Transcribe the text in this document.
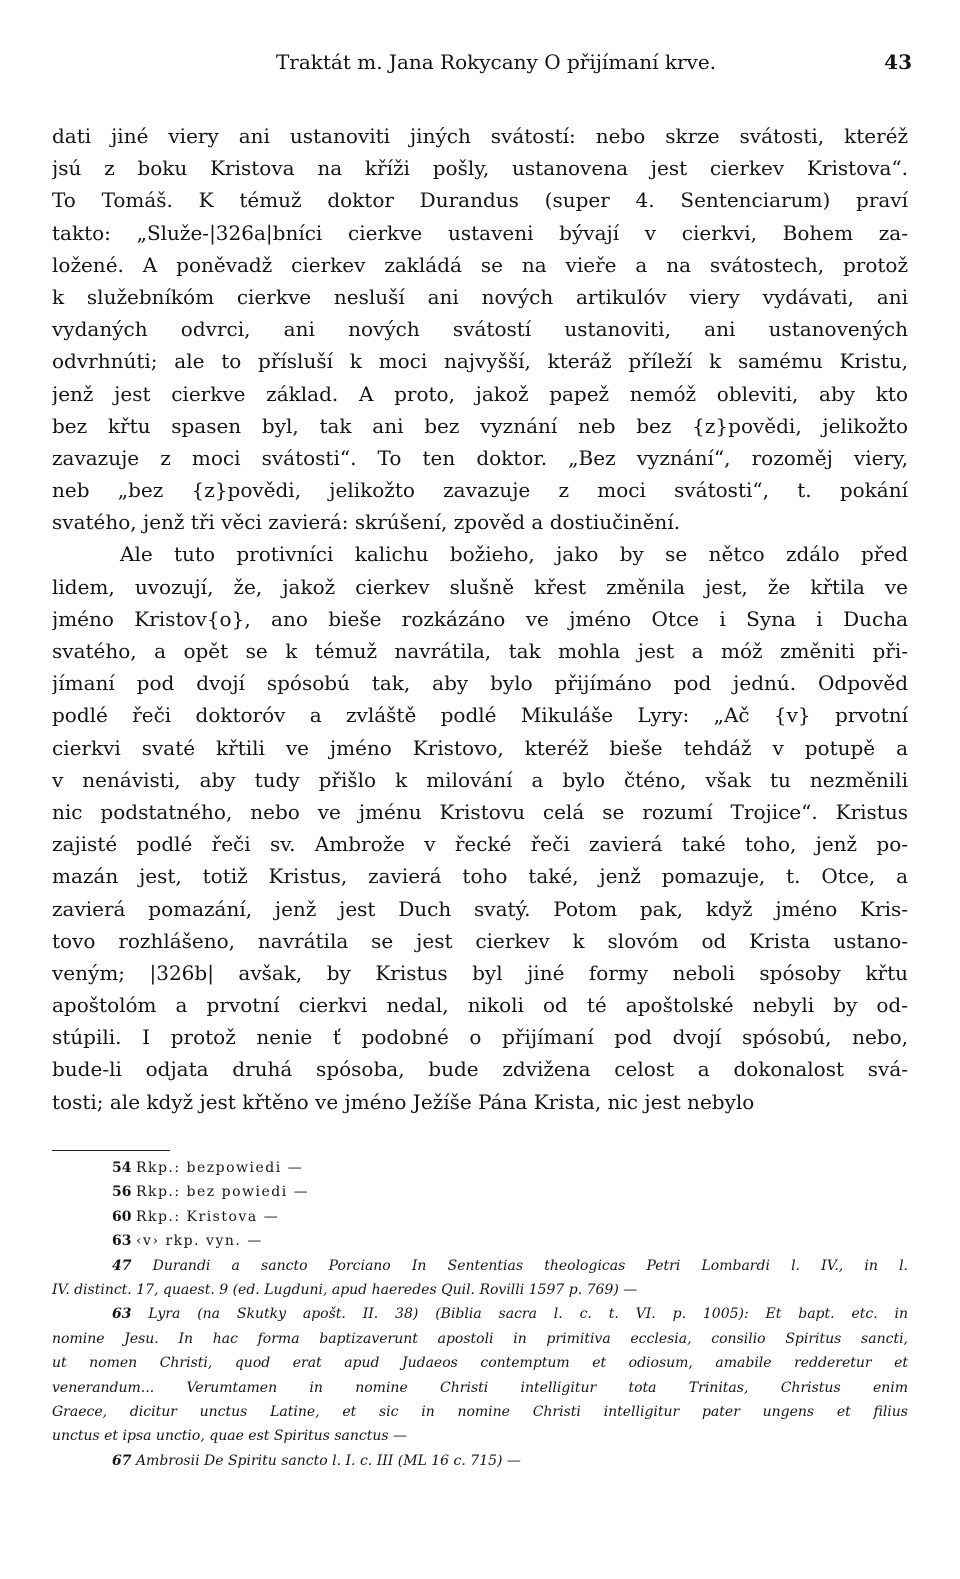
Traktát m. Jana Rokycany O přijímaní krve.	43
dati jiné viery ani ustanoviti jiných svátostí: nebo skrze svátosti, kteréž
jsú z boku Kristova na kříži pošly, ustanovena jest cierkev Kristova“.
To Tomáš. K témuž doktor Durandus (super 4. Sentenciarum) praví
takto: „Služe-|326a|bníci cierkve ustaveni bývají v cierkvi, Bohem za-
ložené. A poněvadž cierkev zakládá se na vieře a na svátostech, protož
k služebníkóm cierkve nesluší ani nových artikulóv viery vydávati, ani
vydaných odvrci, ani nových svátostí ustanoviti, ani ustanovených
odvrhnúti; ale to přísluší k moci najvyšší, kteráž příleží k samému Kristu,
jenž jest cierkve základ. A proto, jakož papež nemóž obleviti, aby kto
bez křtu spasen byl, tak ani bez vyznání neb bez {z}povědi, jelikožto
zavazuje z moci svátosti“. To ten doktor. „Bez vyznání“, rozoměj viery,
neb „bez {z}povědi, jelikožto zavazuje z moci svátosti“, t. pokání
svatého, jenž tři věci zavierá: skrúšení, zpověd a dostiučinění.
Ale tuto protivníci kalichu božieho, jako by se nětco zdálo před
lidem, uvozují, že, jakož cierkev slušně křest změnila jest, že křtila ve
jméno Kristov{o}, ano bieše rozkázáno ve jméno Otce i Syna i Ducha
svatého, a opět se k témuž navrátila, tak mohla jest a móž změniti při-
jímaní pod dvojí spósobú tak, aby bylo přijímáno pod jednú. Odpověd
podlé řeči doktoróv a zvláště podlé Mikuláše Lyry: „Ač {v} prvotní
cierkvi svaté křtili ve jméno Kristovo, kteréž bieše tehdáž v potupě a
v nenávisti, aby tudy přišlo k milování a bylo čténo, však tu nezměnili
nic podstatného, nebo ve jménu Kristovu celá se rozumí Trojice“. Kristus
zajisté podlé řeči sv. Ambrože v řecké řeči zavierá také toho, jenž po-
mazán jest, totiž Kristus, zavierá toho také, jenž pomazuje, t. Otce, a
zavierá pomazání, jenž jest Duch svatý. Potom pak, když jméno Kris-
tovo rozhlášeno, navrátila se jest cierkev k slovóm od Krista ustano-
veným; |326b| avšak, by Kristus byl jiné formy neboli spósoby křtu
apoštolóm a prvotní cierkvi nedal, nikoli od té apoštolské nebyli by od-
stúpili. I protož nenie ť podobné o přijímaní pod dvojí spósobú, nebo,
bude-li odjata druhá spósoba, bude zdvižena celost a dokonalost svá-
tosti; ale když jest křtěno ve jméno Ježíše Pána Krista, nic jest nebylo
54 Rkp.: bezpowiedi —
56 Rkp.: bez powiedi —
60 Rkp.: Kristova —
63 ‹v› rkp. vyn. —
47 Durandi a sancto Porciano In Sententias theologicas Petri Lombardi l. IV., in l.
IV. distinct. 17, quaest. 9 (ed. Lugduni, apud haeredes Quil. Rovilli 1597 p. 769) —
63 Lyra (na Skutky apošt. II. 38) (Biblia sacra l. c. t. VI. p. 1005): Et bapt. etc. in
nomine Jesu. In hac forma baptizaverunt apostoli in primitiva ecclesia, consilio Spiritus sancti,
ut nomen Christi, quod erat apud Judaeos contemptum et odiosum, amabile redderetur et
venerandum... Verumtamen in nomine Christi intelligitur tota Trinitas, Christus enim
Graece, dicitur unctus Latine, et sic in nomine Christi intelligitur pater ungens et filius
unctus et ipsa unctio, quae est Spiritus sanctus —
67 Ambrosii De Spiritu sancto l. I. c. III (ML 16 c. 715) —
